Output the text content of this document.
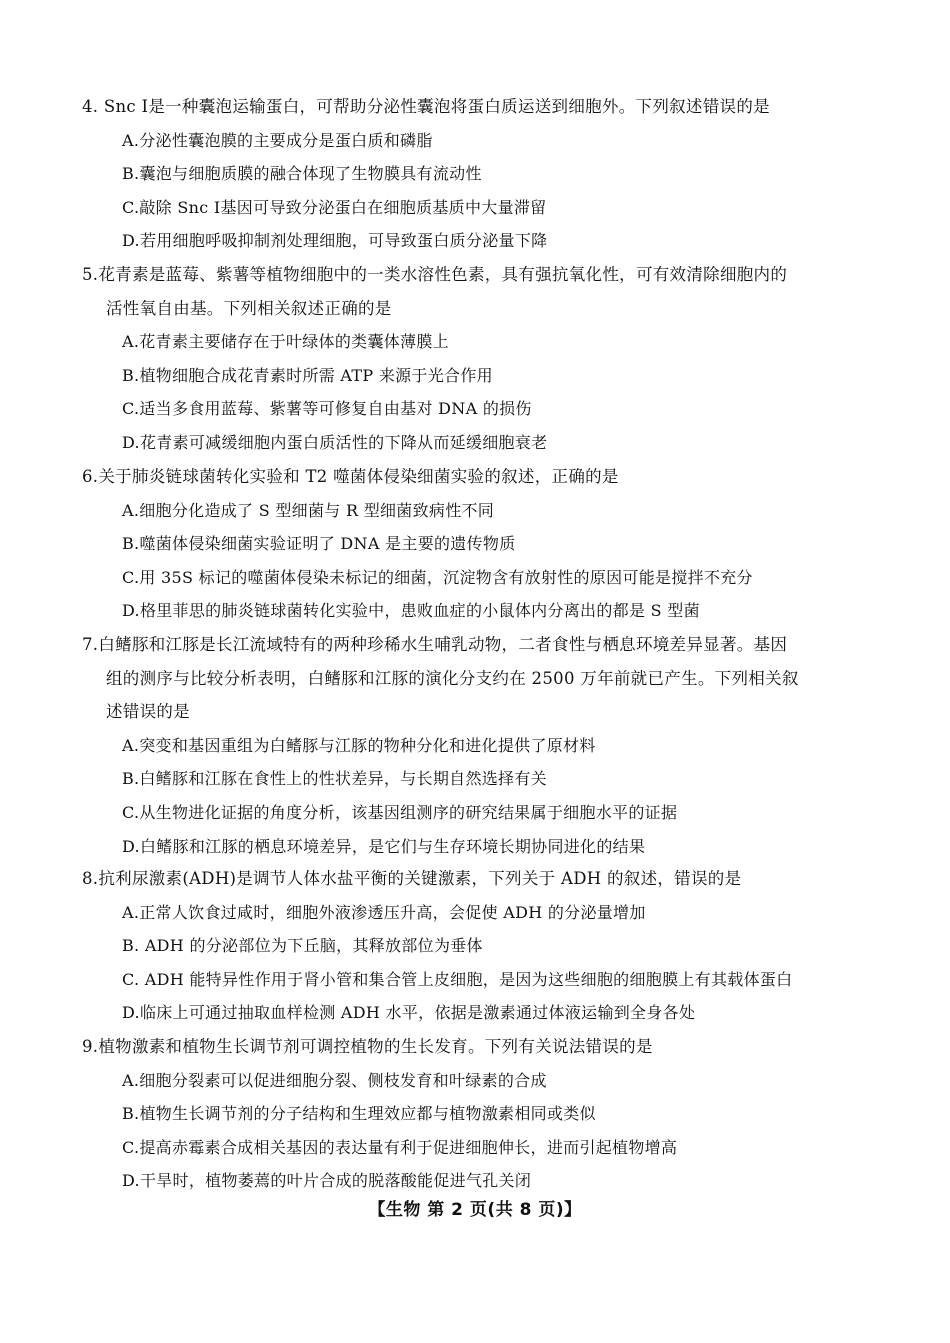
4. Snc Ⅰ是一种囊泡运输蛋白，可帮助分泌性囊泡将蛋白质运送到细胞外。下列叙述错误的是
A.分泌性囊泡膜的主要成分是蛋白质和磷脂
B.囊泡与细胞质膜的融合体现了生物膜具有流动性
C.敲除 Snc Ⅰ基因可导致分泌蛋白在细胞质基质中大量滞留
D.若用细胞呼吸抑制剂处理细胞，可导致蛋白质分泌量下降
5.花青素是蓝莓、紫薯等植物细胞中的一类水溶性色素，具有强抗氧化性，可有效清除细胞内的
活性氧自由基。下列相关叙述正确的是
A.花青素主要储存在于叶绿体的类囊体薄膜上
B.植物细胞合成花青素时所需 ATP 来源于光合作用
C.适当多食用蓝莓、紫薯等可修复自由基对 DNA 的损伤
D.花青素可减缓细胞内蛋白质活性的下降从而延缓细胞衰老
6.关于肺炎链球菌转化实验和 T2 噬菌体侵染细菌实验的叙述，正确的是
A.细胞分化造成了 S 型细菌与 R 型细菌致病性不同
B.噬菌体侵染细菌实验证明了 DNA 是主要的遗传物质
C.用 35S 标记的噬菌体侵染未标记的细菌，沉淀物含有放射性的原因可能是搅拌不充分
D.格里菲思的肺炎链球菌转化实验中，患败血症的小鼠体内分离出的都是 S 型菌
7.白鳍豚和江豚是长江流域特有的两种珍稀水生哺乳动物，二者食性与栖息环境差异显著。基因
组的测序与比较分析表明，白鳍豚和江豚的演化分支约在 2500 万年前就已产生。下列相关叙
述错误的是
A.突变和基因重组为白鳍豚与江豚的物种分化和进化提供了原材料
B.白鳍豚和江豚在食性上的性状差异，与长期自然选择有关
C.从生物进化证据的角度分析，该基因组测序的研究结果属于细胞水平的证据
D.白鳍豚和江豚的栖息环境差异，是它们与生存环境长期协同进化的结果
8.抗利尿激素(ADH)是调节人体水盐平衡的关键激素，下列关于 ADH 的叙述，错误的是
A.正常人饮食过咸时，细胞外液渗透压升高，会促使 ADH 的分泌量增加
B. ADH 的分泌部位为下丘脑，其释放部位为垂体
C. ADH 能特异性作用于肾小管和集合管上皮细胞，是因为这些细胞的细胞膜上有其载体蛋白
D.临床上可通过抽取血样检测 ADH 水平，依据是激素通过体液运输到全身各处
9.植物激素和植物生长调节剂可调控植物的生长发育。下列有关说法错误的是
A.细胞分裂素可以促进细胞分裂、侧枝发育和叶绿素的合成
B.植物生长调节剂的分子结构和生理效应都与植物激素相同或类似
C.提高赤霉素合成相关基因的表达量有利于促进细胞伸长，进而引起植物增高
D.干旱时，植物萎蔫的叶片合成的脱落酸能促进气孔关闭
【生物 第 2 页(共 8 页)】
